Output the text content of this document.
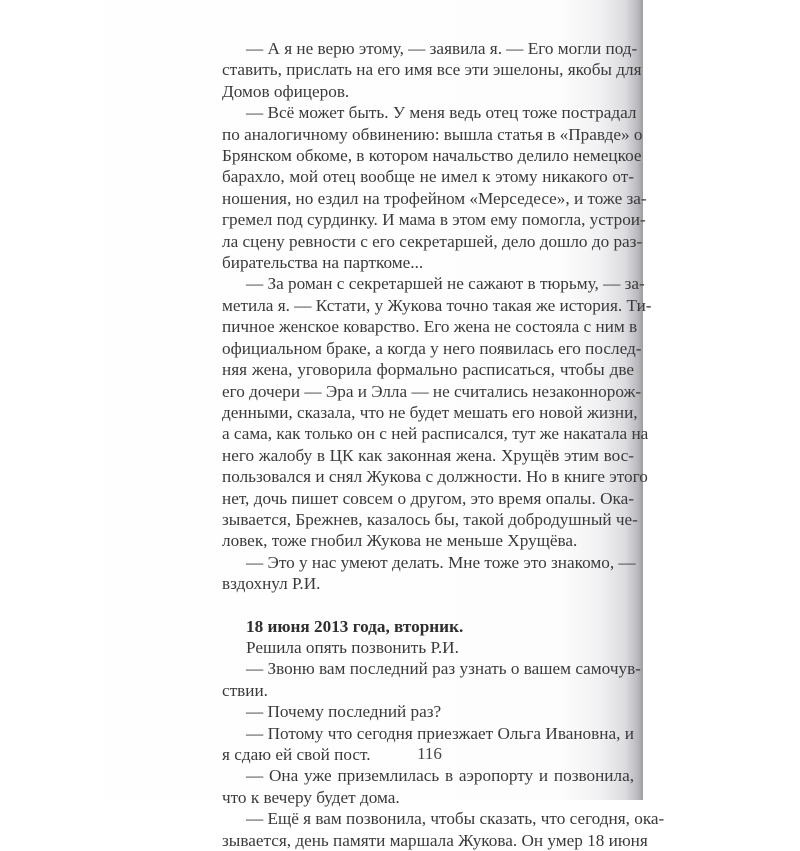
— А я не верю этому, — заявила я. — Его могли под-
ставить, прислать на его имя все эти эшелоны, якобы для
Домов офицеров.
— Всё может быть. У меня ведь отец тоже пострадал
по аналогичному обвинению: вышла статья в «Правде» о
Брянском обкоме, в котором начальство делило немецкое
барахло, мой отец вообще не имел к этому никакого от-
ношения, но ездил на трофейном «Мерседесе», и тоже за-
гремел под сурдинку. И мама в этом ему помогла, устрои-
ла сцену ревности с его секретаршей, дело дошло до раз-
бирательства на парткоме...
— За роман с секретаршей не сажают в тюрьму, — за-
метила я. — Кстати, у Жукова точно такая же история. Ти-
пичное женское коварство. Его жена не состояла с ним в
официальном браке, а когда у него появилась его послед-
няя жена, уговорила формально расписаться, чтобы две
его дочери — Эра и Элла — не считались незаконнорож-
денными, сказала, что не будет мешать его новой жизни,
а сама, как только он с ней расписался, тут же накатала на
него жалобу в ЦК как законная жена. Хрущёв этим вос-
пользовался и снял Жукова с должности. Но в книге этого
нет, дочь пишет совсем о другом, это время опалы. Ока-
зывается, Брежнев, казалось бы, такой добродушный че-
ловек, тоже гнобил Жукова не меньше Хрущёва.
— Это у нас умеют делать. Мне тоже это знакомо, —
вздохнул Р.И.
18 июня 2013 года, вторник.
Решила опять позвонить Р.И.
— Звоню вам последний раз узнать о вашем самочув-
ствии.
— Почему последний раз?
— Потому что сегодня приезжает Ольга Ивановна, и
я сдаю ей свой пост.
— Она уже приземлилась в аэропорту и позвонила,
что к вечеру будет дома.
— Ещё я вам позвонила, чтобы сказать, что сегодня, ока-
зывается, день памяти маршала Жукова. Он умер 18 июня
116
